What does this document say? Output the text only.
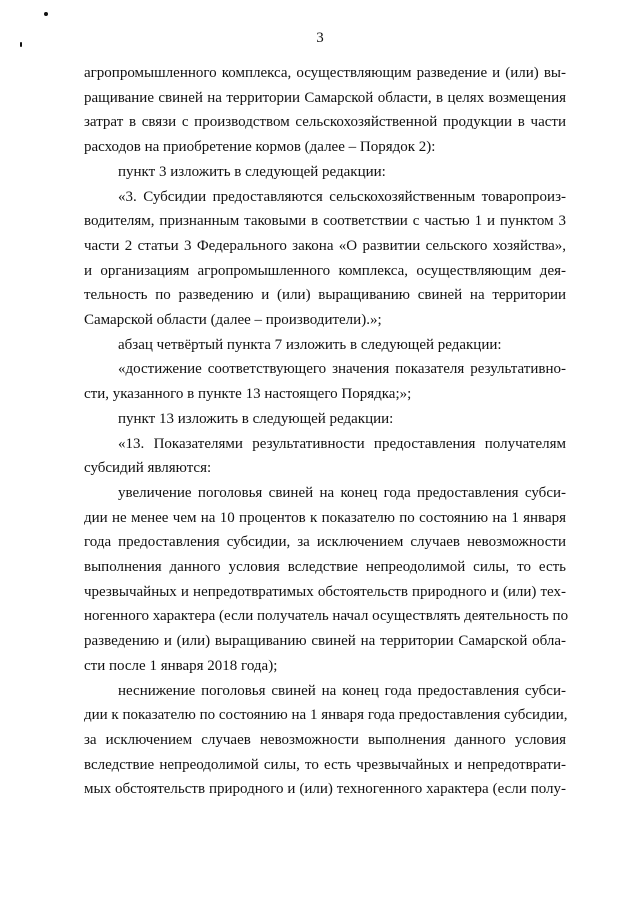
3

агропромышленного комплекса, осуществляющим разведение и (или) вы-

ращивание свиней на территории Самарской области, в целях возмещения

затрат в связи с производством сельскохозяйственной продукции в части

расходов на приобретение кормов (далее – Порядок 2):

пункт 3 изложить в следующей редакции:

«3. Субсидии предоставляются сельскохозяйственным товаропроиз-

водителям, признанным таковыми в соответствии с частью 1 и пунктом 3

части 2 статьи 3 Федерального закона «О развитии сельского хозяйства»,

и организациям агропромышленного комплекса, осуществляющим дея-

тельность по разведению и (или) выращиванию свиней на территории

Самарской области (далее – производители).»;

абзац четвёртый пункта 7 изложить в следующей редакции:

«достижение соответствующего значения показателя результативно-

сти, указанного в пункте 13 настоящего Порядка;»;

пункт 13 изложить в следующей редакции:

«13. Показателями результативности предоставления получателям

субсидий являются:

увеличение поголовья свиней на конец года предоставления субси-

дии не менее чем на 10 процентов к показателю по состоянию на 1 января

года предоставления субсидии, за исключением случаев невозможности

выполнения данного условия вследствие непреодолимой силы, то есть

чрезвычайных и непредотвратимых обстоятельств природного и (или) тех-

ногенного характера (если получатель начал осуществлять деятельность по

разведению и (или) выращиванию свиней на территории Самарской обла-

сти после 1 января 2018 года);

неснижение поголовья свиней на конец года предоставления субси-

дии к показателю по состоянию на 1 января года предоставления субсидии,

за исключением случаев невозможности выполнения данного условия

вследствие непреодолимой силы, то есть чрезвычайных и непредотврати-

мых обстоятельств природного и (или) техногенного характера (если полу-
